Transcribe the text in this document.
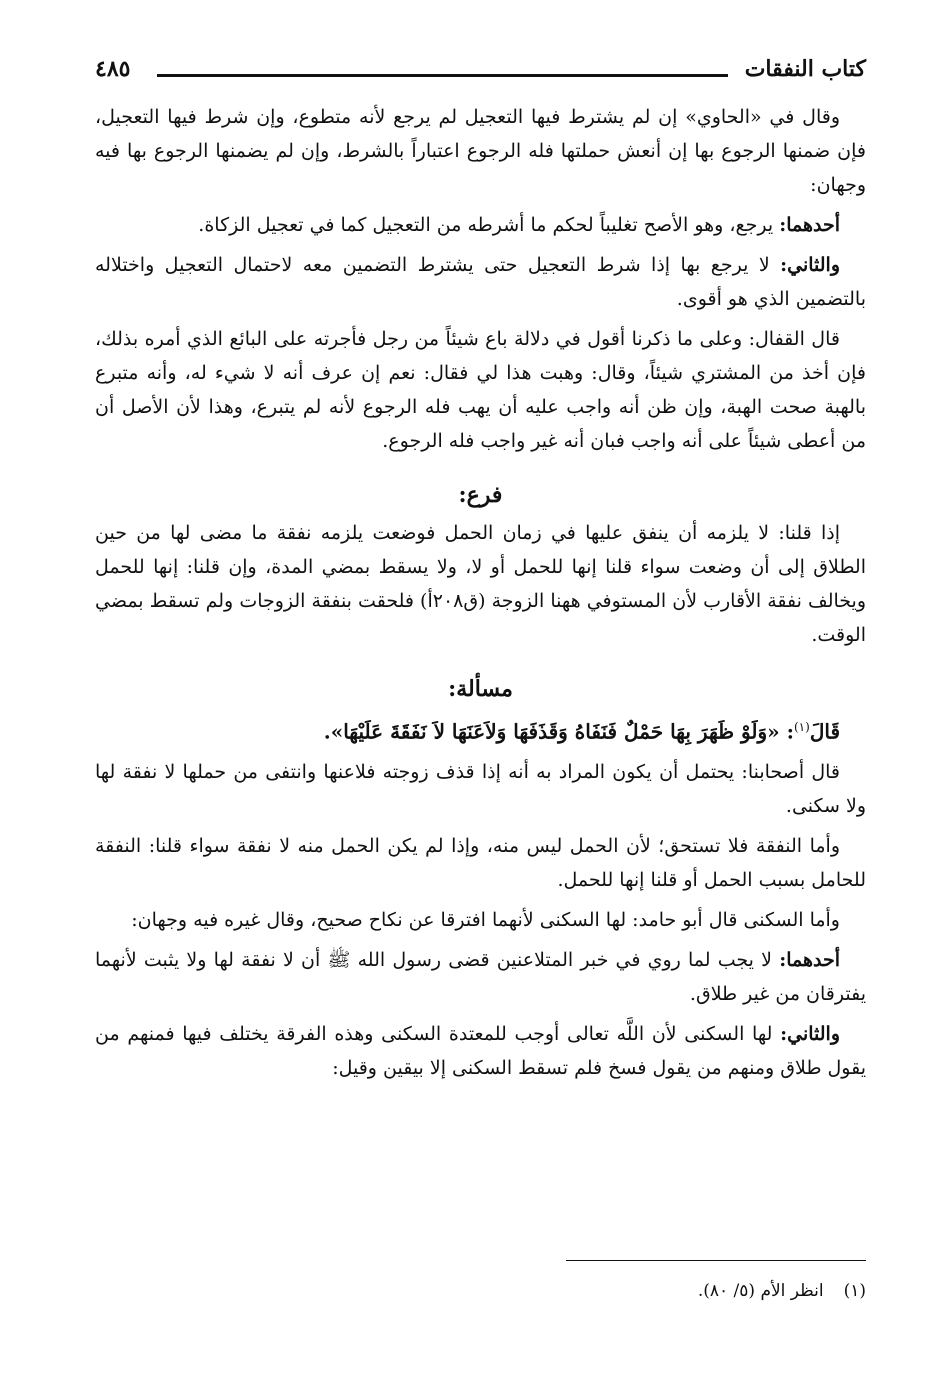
كتاب النفقات
٤٨٥

وقال في «الحاوي» إن لم يشترط فيها التعجيل لم يرجع لأنه متطوع، وإن شرط فيها التعجيل، فإن ضمنها الرجوع بها إن أنعش حملتها فله الرجوع اعتباراً بالشرط، وإن لم يضمنها الرجوع بها فيه وجهان:

أحدهما: يرجع، وهو الأصح تغليباً لحكم ما أشرطه من التعجيل كما في تعجيل الزكاة.

والثاني: لا يرجع بها إذا شرط التعجيل حتى يشترط التضمين معه لاحتمال التعجيل واختلاله بالتضمين الذي هو أقوى.

قال القفال: وعلى ما ذكرنا أقول في دلالة باع شيئاً من رجل فأجرته على البائع الذي أمره بذلك، فإن أخذ من المشتري شيئاً، وقال: وهبت هذا لي فقال: نعم إن عرف أنه لا شيء له، وأنه متبرع بالهبة صحت الهبة، وإن ظن أنه واجب عليه أن يهب فله الرجوع لأنه لم يتبرع، وهذا لأن الأصل أن من أعطى شيئاً على أنه واجب فبان أنه غير واجب فله الرجوع.

فرع:

إذا قلنا: لا يلزمه أن ينفق عليها في زمان الحمل فوضعت يلزمه نفقة ما مضى لها من حين الطلاق إلى أن وضعت سواء قلنا إنها للحمل أو لا، ولا يسقط بمضي المدة، وإن قلنا: إنها للحمل ويخالف نفقة الأقارب لأن المستوفي ههنا الزوجة (ق٢٠٨أ) فلحقت بنفقة الزوجات ولم تسقط بمضي الوقت.

مسألة:

قَالَ$^{(١)}$: «وَلَوْ ظَهَرَ بِهَا حَمْلٌ فَنَفَاهُ وَقَذَفَهَا وَلاَعَنَهَا لاَ نَفَقَةَ عَلَيْهَا».

قال أصحابنا: يحتمل أن يكون المراد به أنه إذا قذف زوجته فلاعنها وانتفى من حملها لا نفقة لها ولا سكنى.

وأما النفقة فلا تستحق؛ لأن الحمل ليس منه، وإذا لم يكن الحمل منه لا نفقة سواء قلنا: النفقة للحامل بسبب الحمل أو قلنا إنها للحمل.

وأما السكنى قال أبو حامد: لها السكنى لأنهما افترقا عن نكاح صحيح، وقال غيره فيه وجهان:

أحدهما: لا يجب لما روي في خبر المتلاعنين قضى رسول الله ﷺ أن لا نفقة لها ولا يثبت لأنهما يفترقان من غير طلاق.

والثاني: لها السكنى لأن اللَّه تعالى أوجب للمعتدة السكنى وهذه الفرقة يختلف فيها فمنهم من يقول طلاق ومنهم من يقول فسخ فلم تسقط السكنى إلا بيقين وقيل:

(١)انظر الأم (٥/ ٨٠).
